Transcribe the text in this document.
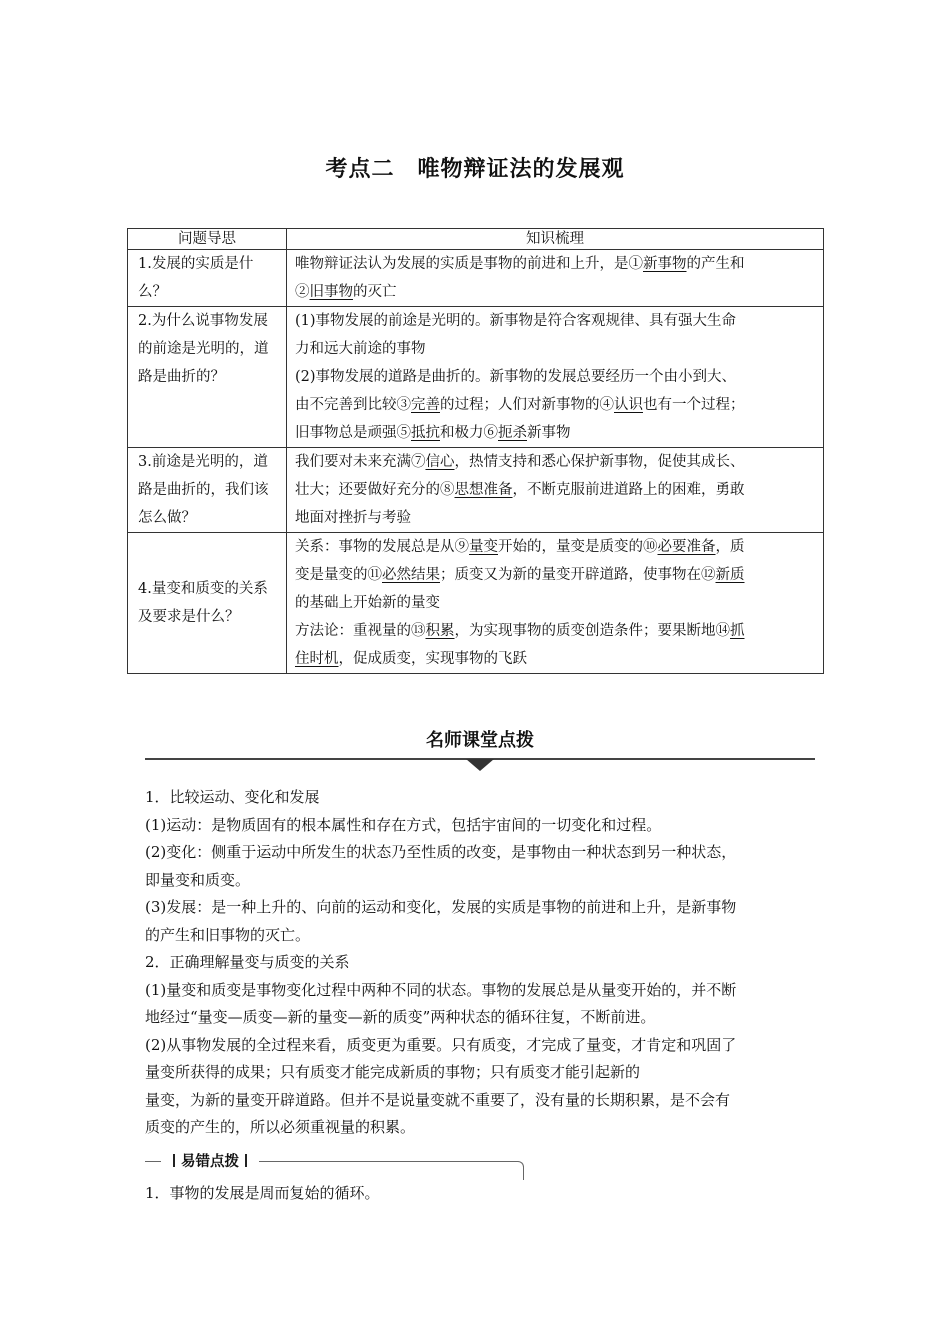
考点二　唯物辩证法的发展观
问题导思	知识梳理
1.发展的实质是什么？	唯物辩证法认为发展的实质是事物的前进和上升，是①新事物的产生和
②旧事物的灭亡

2.为什么说事物发展的前途是光明的，道路是曲折的？	(1)事物发展的前途是光明的。新事物是符合客观规律、具有强大生命
力和远大前途的事物
(2)事物发展的道路是曲折的。新事物的发展总要经历一个由小到大、
由不完善到比较③完善的过程；人们对新事物的④认识也有一个过程；
旧事物总是顽强⑤抵抗和极力⑥扼杀新事物

3.前途是光明的，道路是曲折的，我们该怎么做？	我们要对未来充满⑦信心，热情支持和悉心保护新事物，促使其成长、
壮大；还要做好充分的⑧思想准备，不断克服前进道路上的困难，勇敢
地面对挫折与考验

4.量变和质变的关系及要求是什么？	关系：事物的发展总是从⑨量变开始的，量变是质变的⑩必要准备，质
变是量变的⑪必然结果；质变又为新的量变开辟道路，使事物在⑫新质
的基础上开始新的量变
方法论：重视量的⑬积累，为实现事物的质变创造条件；要果断地⑭抓
住时机，促成质变，实现事物的飞跃
名师课堂点拨

1．比较运动、变化和发展

(1)运动：是物质固有的根本属性和存在方式，包括宇宙间的一切变化和过程。

(2)变化：侧重于运动中所发生的状态乃至性质的改变，是事物由一种状态到另一种状态，

即量变和质变。

(3)发展：是一种上升的、向前的运动和变化，发展的实质是事物的前进和上升，是新事物

的产生和旧事物的灭亡。

2．正确理解量变与质变的关系

(1)量变和质变是事物变化过程中两种不同的状态。事物的发展总是从量变开始的，并不断

地经过“量变—质变—新的量变—新的质变”两种状态的循环往复，不断前进。

(2)从事物发展的全过程来看，质变更为重要。只有质变，才完成了量变，才肯定和巩固了

量变所获得的成果；只有质变才能完成新质的事物；只有质变才能引起新的

量变，为新的量变开辟道路。但并不是说量变就不重要了，没有量的长期积累，是不会有

质变的产生的，所以必须重视量的积累。

易错点拨
1．事物的发展是周而复始的循环。
